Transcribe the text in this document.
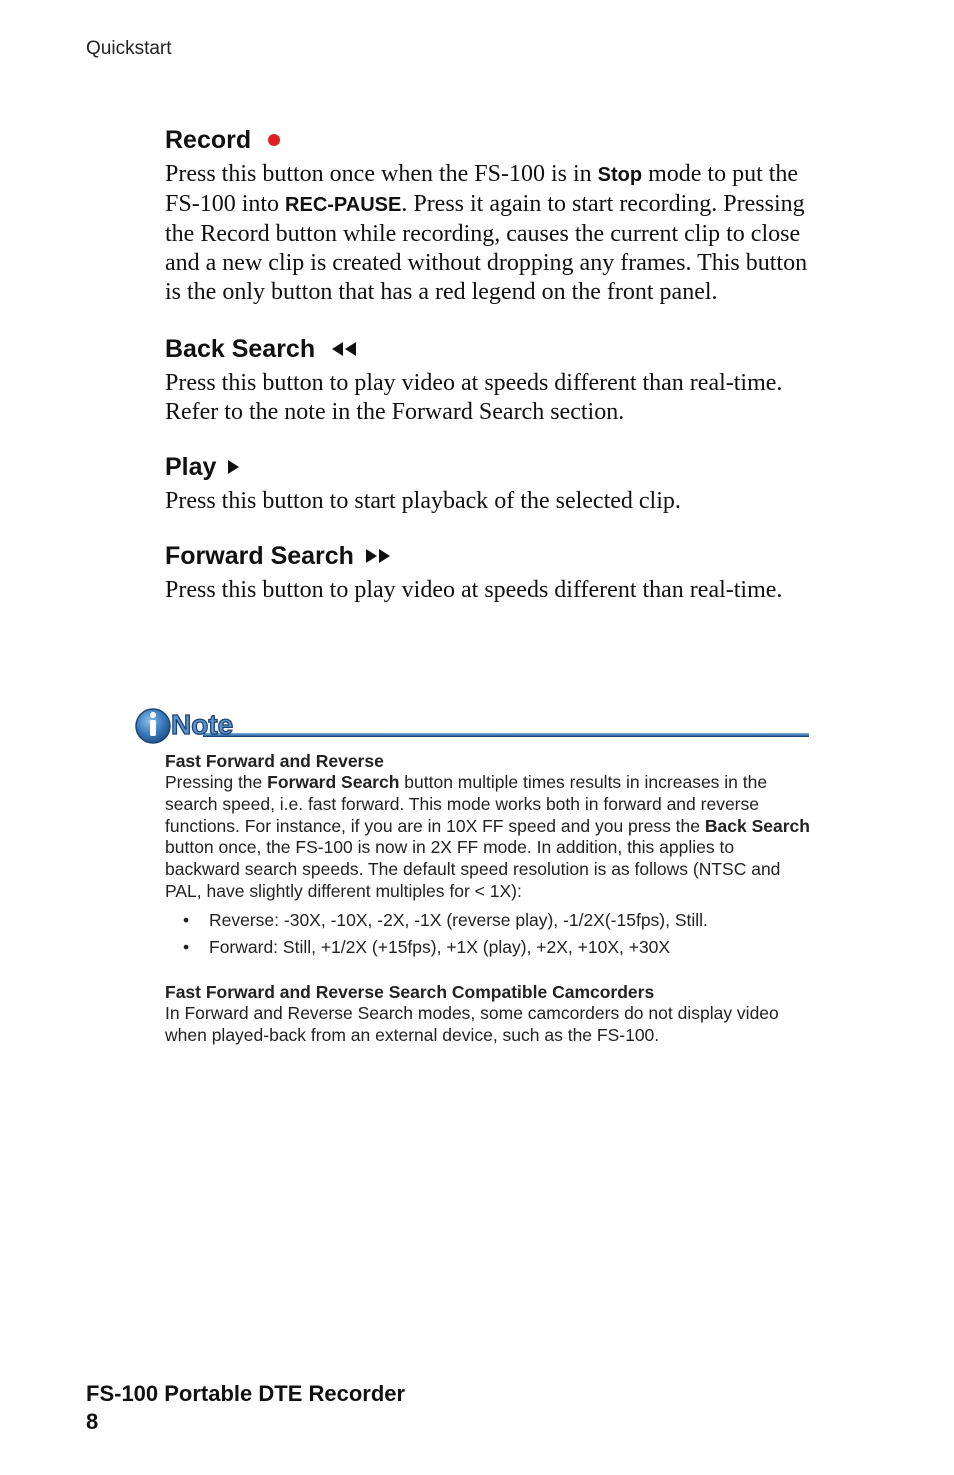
Quickstart
Record

Press this button once when the FS-100 is in Stop mode to put the FS-100 into REC-PAUSE. Press it again to start recording. Pressing the Record button while recording, causes the current clip to close and a new clip is created without dropping any frames. This button is the only button that has a red legend on the front panel.

Back Search

Press this button to play video at speeds different than real-time. Refer to the note in the Forward Search section.

Play

Press this button to start playback of the selected clip.

Forward Search

Press this button to play video at speeds different than real-time.

Note

Fast Forward and Reverse

Pressing the Forward Search button multiple times results in increases in the search speed, i.e. fast forward. This mode works both in forward and reverse functions. For instance, if you are in 10X FF speed and you press the Back Search button once, the FS-100 is now in 2X FF mode. In addition, this applies to backward search speeds. The default speed resolution is as follows (NTSC and PAL, have slightly different multiples for < 1X):

• Reverse: -30X, -10X, -2X, -1X (reverse play), -1/2X(-15fps), Still.
• Forward: Still, +1/2X (+15fps), +1X (play), +2X, +10X, +30X

Fast Forward and Reverse Search Compatible Camcorders

In Forward and Reverse Search modes, some camcorders do not display video when played-back from an external device, such as the FS-100.

FS-100 Portable DTE Recorder

8
